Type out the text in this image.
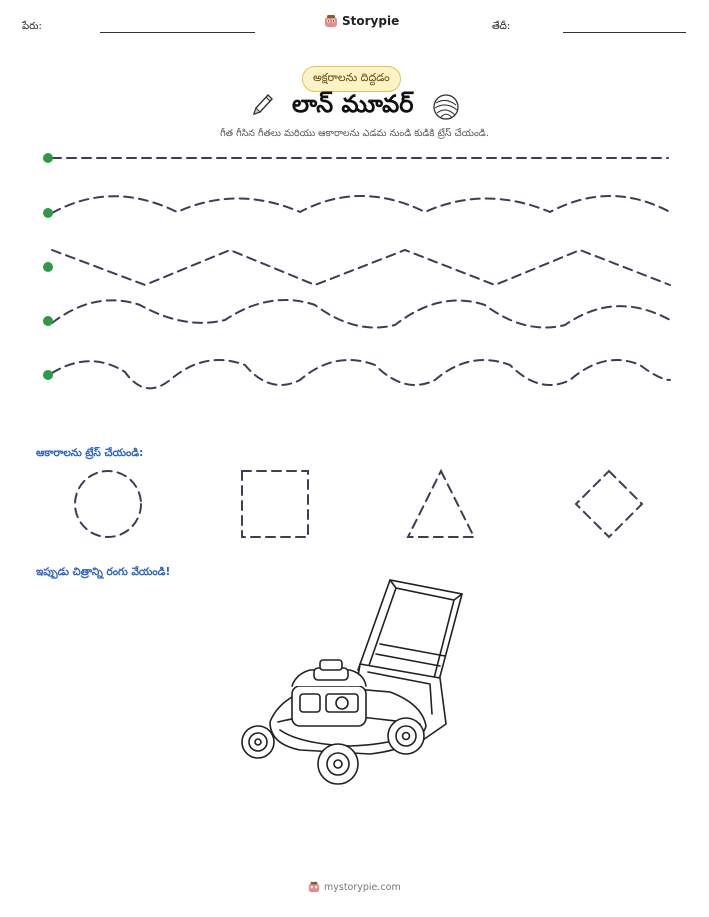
పేరు:	Storypie	తేదీ:
అక్షరాలను దిద్దడం
లాన్ మూవర్
గీత గీసిన గీతలు మరియు ఆకారాలను ఎడమ నుండి కుడికి ట్రేస్ చేయండి.
ఆకారాలను ట్రేస్ చేయండి:
ఇప్పుడు చిత్రాన్ని రంగు వేయండి!
mystorypie.com
